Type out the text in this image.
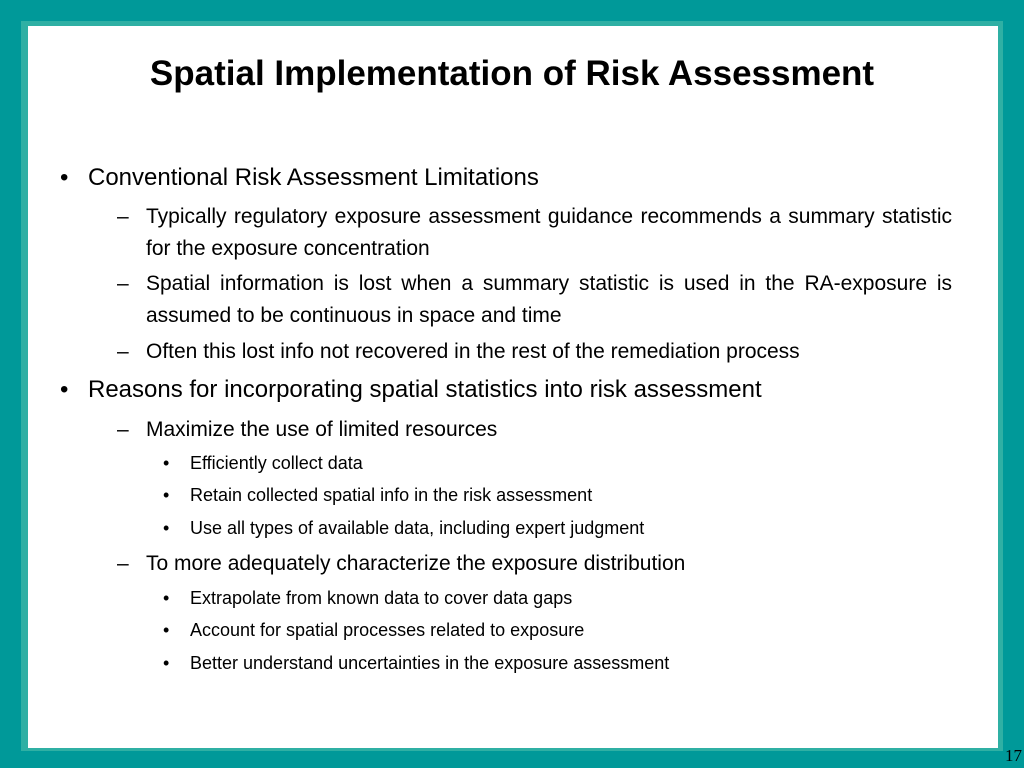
Spatial Implementation of Risk Assessment
• Conventional Risk Assessment Limitations
– Typically regulatory exposure assessment guidance recommends a summary statistic for the exposure concentration
– Spatial information is lost when a summary statistic is used in the RA-exposure is assumed to be continuous in space and time
– Often this lost info not recovered in the rest of the remediation process
• Reasons for incorporating spatial statistics into risk assessment
– Maximize the use of limited resources
• Efficiently collect data
• Retain collected spatial info in the risk assessment
• Use all types of available data, including expert judgment
– To more adequately characterize the exposure distribution
• Extrapolate from known data to cover data gaps
• Account for spatial processes related to exposure
• Better understand uncertainties in the exposure assessment
17
